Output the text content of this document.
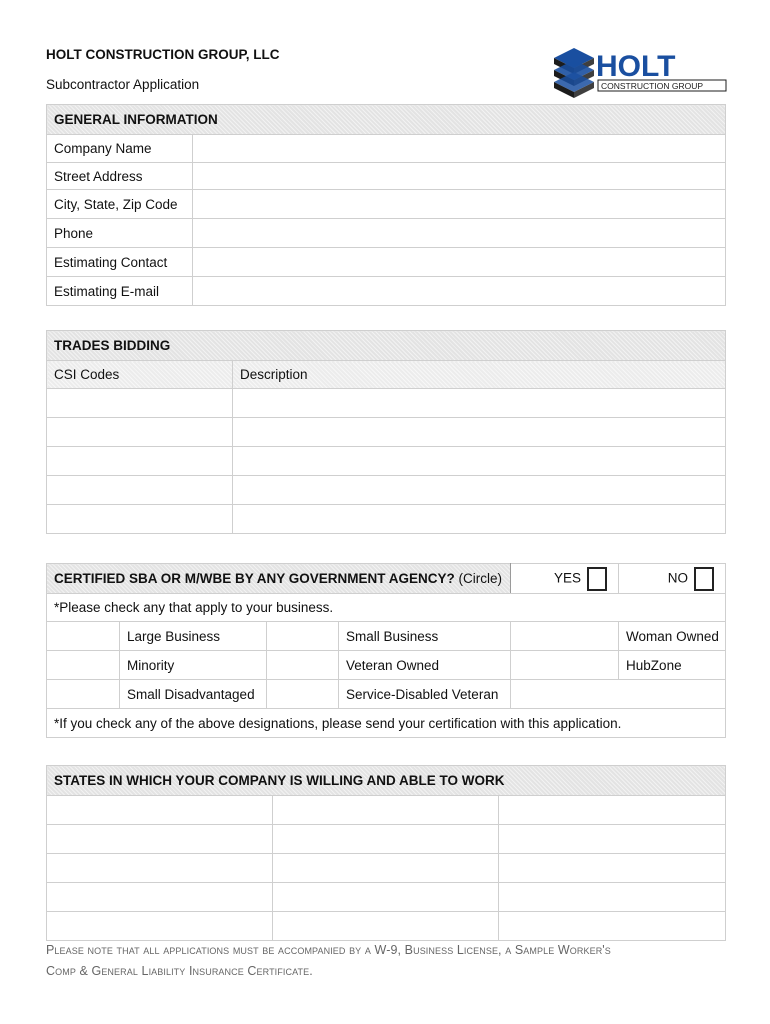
HOLT CONSTRUCTION GROUP, LLC
Subcontractor Application
HOLT
CONSTRUCTION GROUP
GENERAL INFORMATION	
Company Name	
Street Address	
City, State, Zip Code	
Phone	
Estimating Contact	
Estimating E-mail	
TRADES BIDDING	
CSI Codes	Description

CERTIFIED SBA OR M/WBE BY ANY GOVERNMENT AGENCY? (Circle)				YES	NO
*Please check any that apply to your business.					
	Large Business		Small Business		Woman Owned
	Minority		Veteran Owned		HubZone
	Small Disadvantaged		Service-Disabled Veteran		
*If you check any of the above designations, please send your certification with this application.					
STATES IN WHICH YOUR COMPANY IS WILLING AND ABLE TO WORK		

Please note that all applications must be accompanied by a W-9, Business License, a Sample Worker's
Comp & General Liability Insurance Certificate.
